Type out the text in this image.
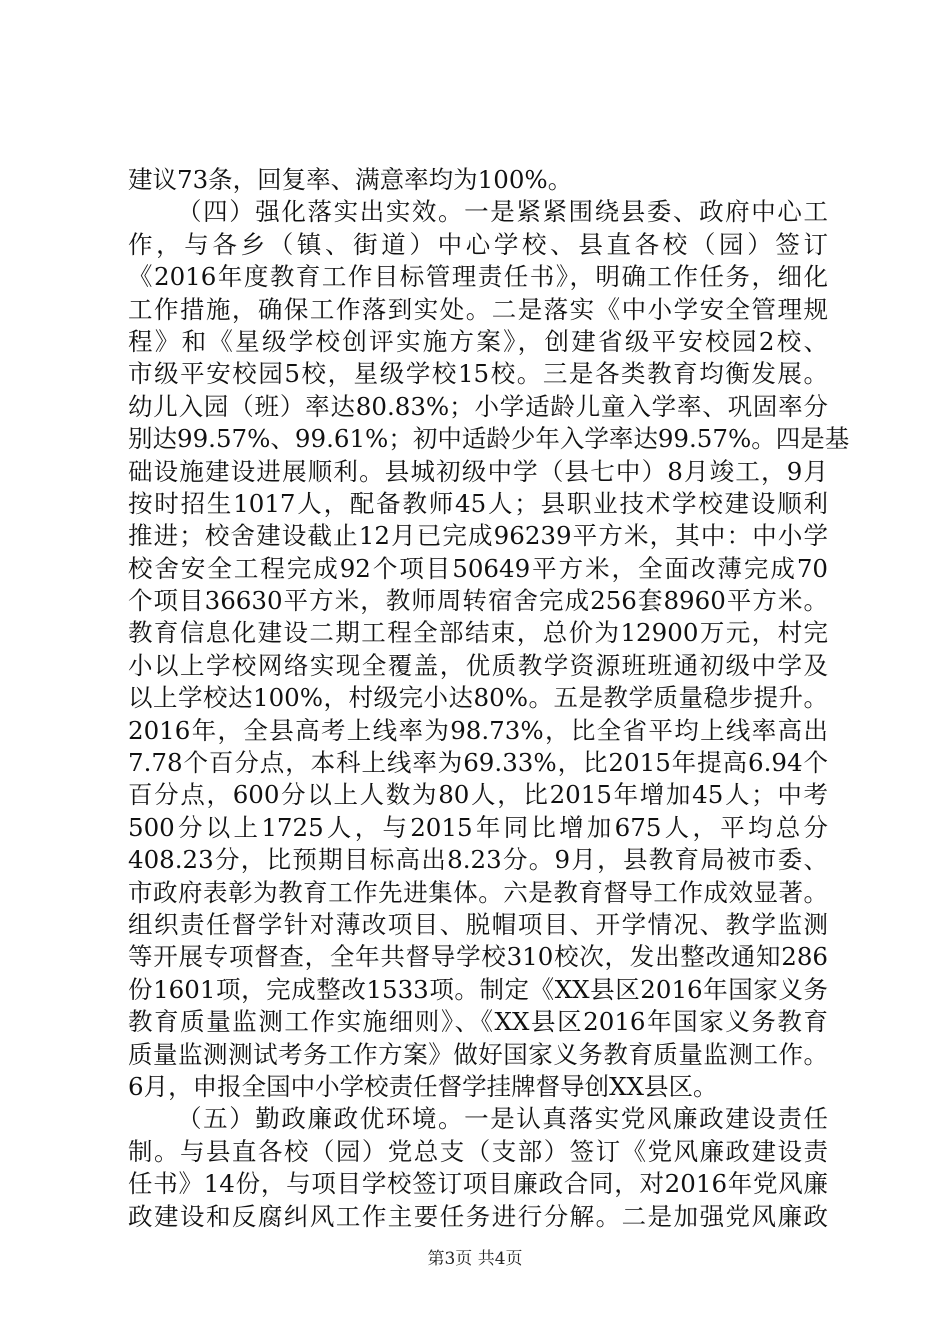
建议73条，回复率、满意率均为100%。
（四）强化落实出实效。一是紧紧围绕县委、政府中心工
作，与各乡（镇、街道）中心学校、县直各校（园）签订
《2016年度教育工作目标管理责任书》，明确工作任务，细化
工作措施，确保工作落到实处。二是落实《中小学安全管理规
程》和《星级学校创评实施方案》，创建省级平安校园2校、
市级平安校园5校，星级学校15校。三是各类教育均衡发展。
幼儿入园（班）率达80.83%；小学适龄儿童入学率、巩固率分
别达99.57%、99.61%；初中适龄少年入学率达99.57%。四是基
础设施建设进展顺利。县城初级中学（县七中）8月竣工，9月
按时招生1017人，配备教师45人；县职业技术学校建设顺利
推进；校舍建设截止12月已完成96239平方米，其中：中小学
校舍安全工程完成92个项目50649平方米，全面改薄完成70
个项目36630平方米，教师周转宿舍完成256套8960平方米。
教育信息化建设二期工程全部结束，总价为12900万元，村完
小以上学校网络实现全覆盖，优质教学资源班班通初级中学及
以上学校达100%，村级完小达80%。五是教学质量稳步提升。
2016年，全县高考上线率为98.73%，比全省平均上线率高出
7.78个百分点，本科上线率为69.33%，比2015年提高6.94个
百分点，600分以上人数为80人，比2015年增加45人；中考
500分以上1725人，与2015年同比增加675人，平均总分
408.23分，比预期目标高出8.23分。9月，县教育局被市委、
市政府表彰为教育工作先进集体。六是教育督导工作成效显著。
组织责任督学针对薄改项目、脱帽项目、开学情况、教学监测
等开展专项督查，全年共督导学校310校次，发出整改通知286
份1601项，完成整改1533项。制定《XX县区2016年国家义务
教育质量监测工作实施细则》、《XX县区2016年国家义务教育
质量监测测试考务工作方案》做好国家义务教育质量监测工作。
6月，申报全国中小学校责任督学挂牌督导创XX县区。
（五）勤政廉政优环境。一是认真落实党风廉政建设责任
制。与县直各校（园）党总支（支部）签订《党风廉政建设责
任书》14份，与项目学校签订项目廉政合同，对2016年党风廉
政建设和反腐纠风工作主要任务进行分解。二是加强党风廉政
第3页 共4页
